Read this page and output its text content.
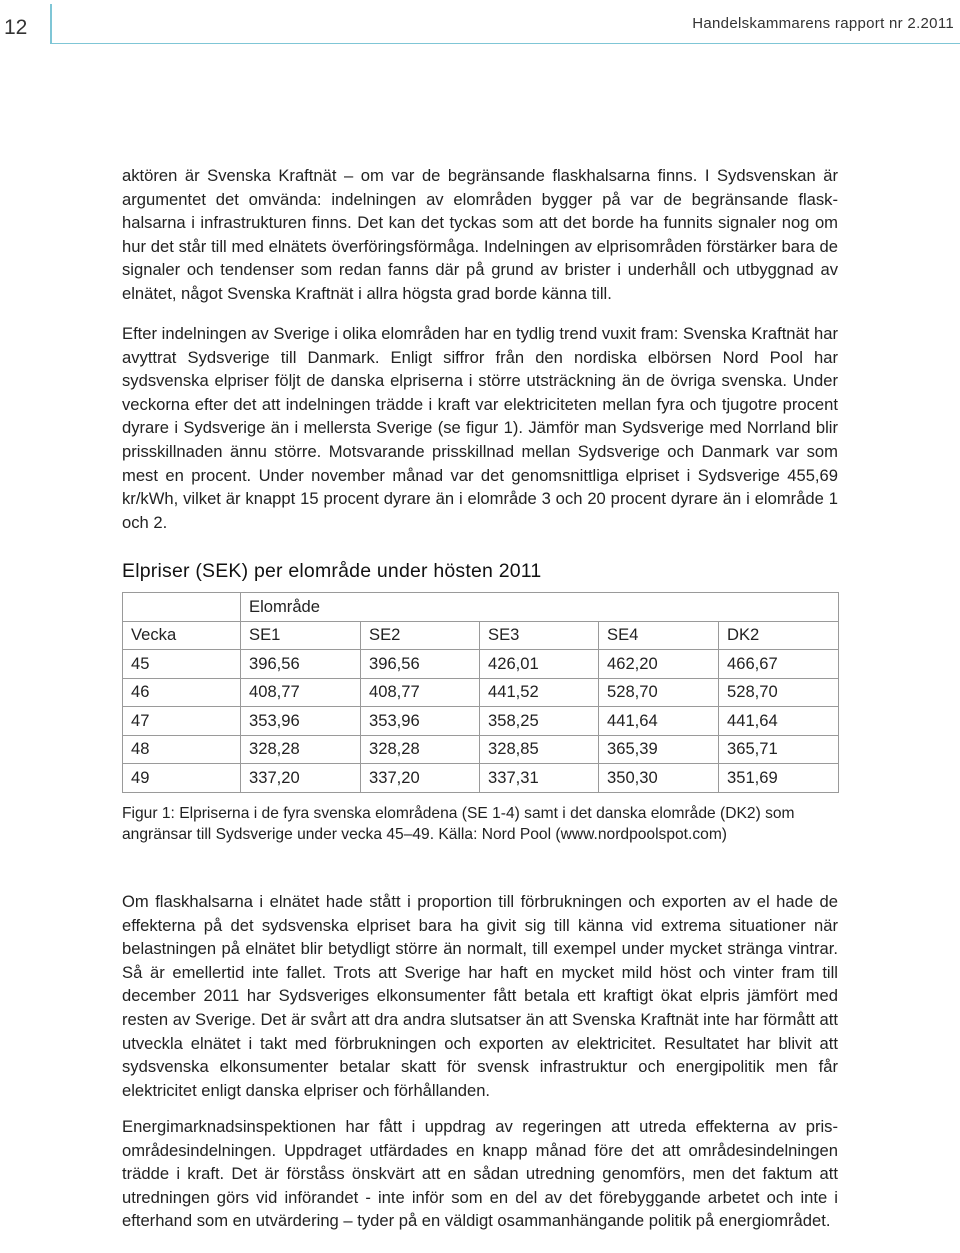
12	Handelskammarens rapport nr 2.2011

aktören är Svenska Kraftnät – om var de begränsande flaskhalsarna finns. I Sydsvenskan är argumentet det omvända: indelningen av elområden bygger på var de begränsande flaskhalsarna i infrastrukturen finns. Det kan det tyckas som att det borde ha funnits signaler nog om hur det står till med elnätets överföringsförmåga. Indelningen av elprisområden förstärker bara de signaler och tendenser som redan fanns där på grund av brister i underhåll och utbyggnad av elnätet, något Svenska Kraftnät i allra högsta grad borde känna till.

Efter indelningen av Sverige i olika elområden har en tydlig trend vuxit fram: Svenska Kraftnät har avyttrat Sydsverige till Danmark. Enligt siffror från den nordiska elbörsen Nord Pool har sydsvenska elpriser följt de danska elpriserna i större utsträckning än de övriga svenska. Under veckorna efter det att indelningen trädde i kraft var elektriciteten mellan fyra och tjugotre procent dyrare i Sydsverige än i mellersta Sverige (se figur 1). Jämför man Sydsverige med Norrland blir prisskillnaden ännu större. Motsvarande prisskillnad mellan Sydsverige och Danmark var som mest en procent. Under november månad var det genomsnittliga elpriset i Sydsverige 455,69 kr/kWh, vilket är knappt 15 procent dyrare än i elområde 3 och 20 procent dyrare än i elområde 1 och 2.

Elpriser (SEK) per elområde under hösten 2011
	Elområde				
Vecka	SE1	SE2	SE3	SE4	DK2
45	396,56	396,56	426,01	462,20	466,67
46	408,77	408,77	441,52	528,70	528,70
47	353,96	353,96	358,25	441,64	441,64
48	328,28	328,28	328,85	365,39	365,71
49	337,20	337,20	337,31	350,30	351,69

Figur 1: Elpriserna i de fyra svenska elområdena (SE 1-4) samt i det danska elområde (DK2) som angränsar till Sydsverige under vecka 45–49. Källa: Nord Pool (www.nordpoolspot.com)

Om flaskhalsarna i elnätet hade stått i proportion till förbrukningen och exporten av el hade de effekterna på det sydsvenska elpriset bara ha givit sig till känna vid extrema situationer när belastningen på elnätet blir betydligt större än normalt, till exempel under mycket stränga vintrar. Så är emellertid inte fallet. Trots att Sverige har haft en mycket mild höst och vinter fram till december 2011 har Sydsveriges elkonsumenter fått betala ett kraftigt ökat elpris jämfört med resten av Sverige. Det är svårt att dra andra slutsatser än att Svenska Kraftnät inte har förmått att utveckla elnätet i takt med förbrukningen och exporten av elektricitet. Resultatet har blivit att sydsvenska elkonsumenter betalar skatt för svensk infrastruktur och energipolitik men får elektricitet enligt danska elpriser och förhållanden.

Energimarknadsinspektionen har fått i uppdrag av regeringen att utreda effekterna av prisområdesindelningen. Uppdraget utfärdades en knapp månad före det att områdesindelningen trädde i kraft. Det är förståss önskvärt att en sådan utredning genomförs, men det faktum att utredningen görs vid införandet - inte inför som en del av det förebyggande arbetet och inte i efterhand som en utvärdering – tyder på en väldigt osammanhängande politik på energiområdet.
